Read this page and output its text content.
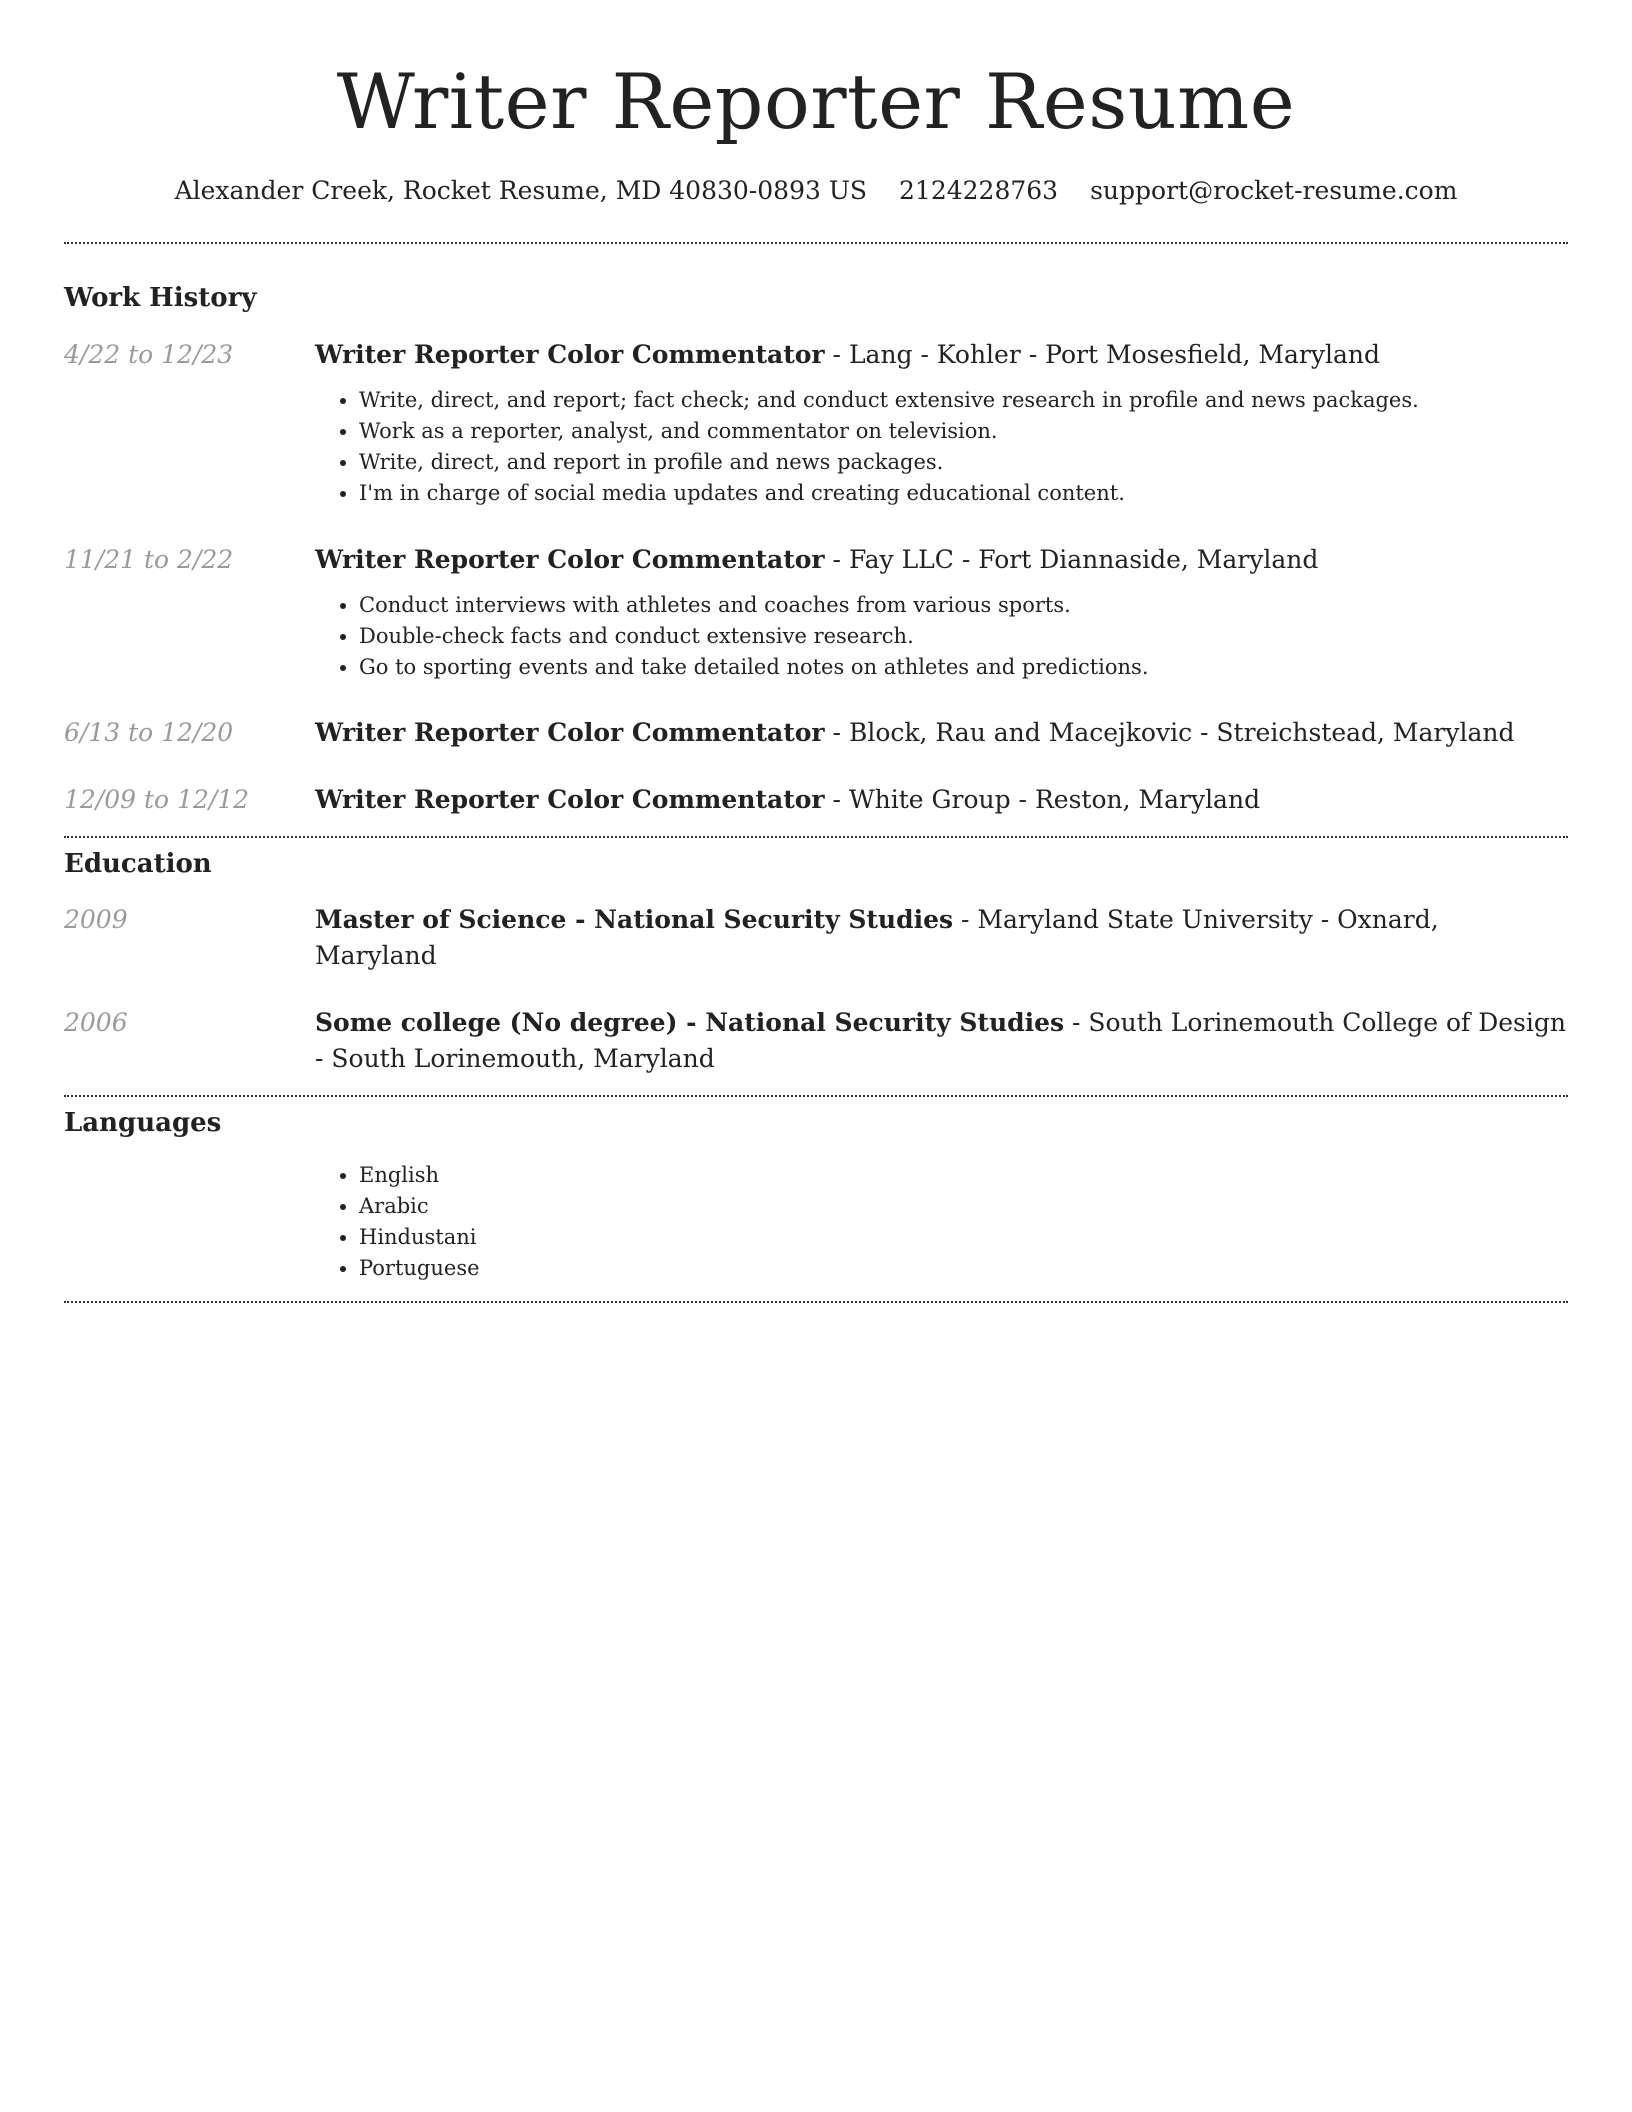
Writer Reporter Resume
Alexander Creek, Rocket Resume, MD 40830-0893 US 2124228763 support@rocket-resume.com
Work History
4/22 to 12/23	Writer Reporter Color Commentator - Lang - Kohler - Port Mosesfield, Maryland
• Write, direct, and report; fact check; and conduct extensive research in profile and news packages.
• Work as a reporter, analyst, and commentator on television.
• Write, direct, and report in profile and news packages.
• I'm in charge of social media updates and creating educational content.
11/21 to 2/22	Writer Reporter Color Commentator - Fay LLC - Fort Diannaside, Maryland
• Conduct interviews with athletes and coaches from various sports.
• Double-check facts and conduct extensive research.
• Go to sporting events and take detailed notes on athletes and predictions.
6/13 to 12/20	Writer Reporter Color Commentator - Block, Rau and Macejkovic - Streichstead, Maryland
12/09 to 12/12	Writer Reporter Color Commentator - White Group - Reston, Maryland
Education
2009	Master of Science - National Security Studies - Maryland State University - Oxnard, Maryland
2006	Some college (No degree) - National Security Studies - South Lorinemouth College of Design - South Lorinemouth, Maryland
Languages
• English
• Arabic
• Hindustani
• Portuguese
